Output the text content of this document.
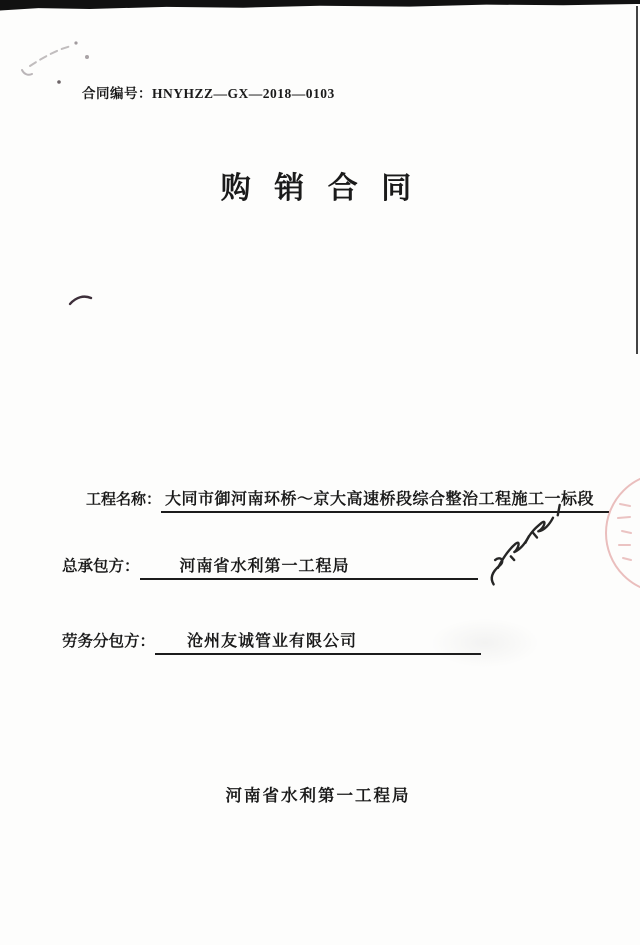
合同编号：HNYHZZ—GX—2018—0103
购 销 合 同
工程名称： 大同市御河南环桥～京大高速桥段综合整治工程施工一标段
总承包方：	河南省水利第一工程局
劳务分包方： 沧州友诚管业有限公司
河南省水利第一工程局
